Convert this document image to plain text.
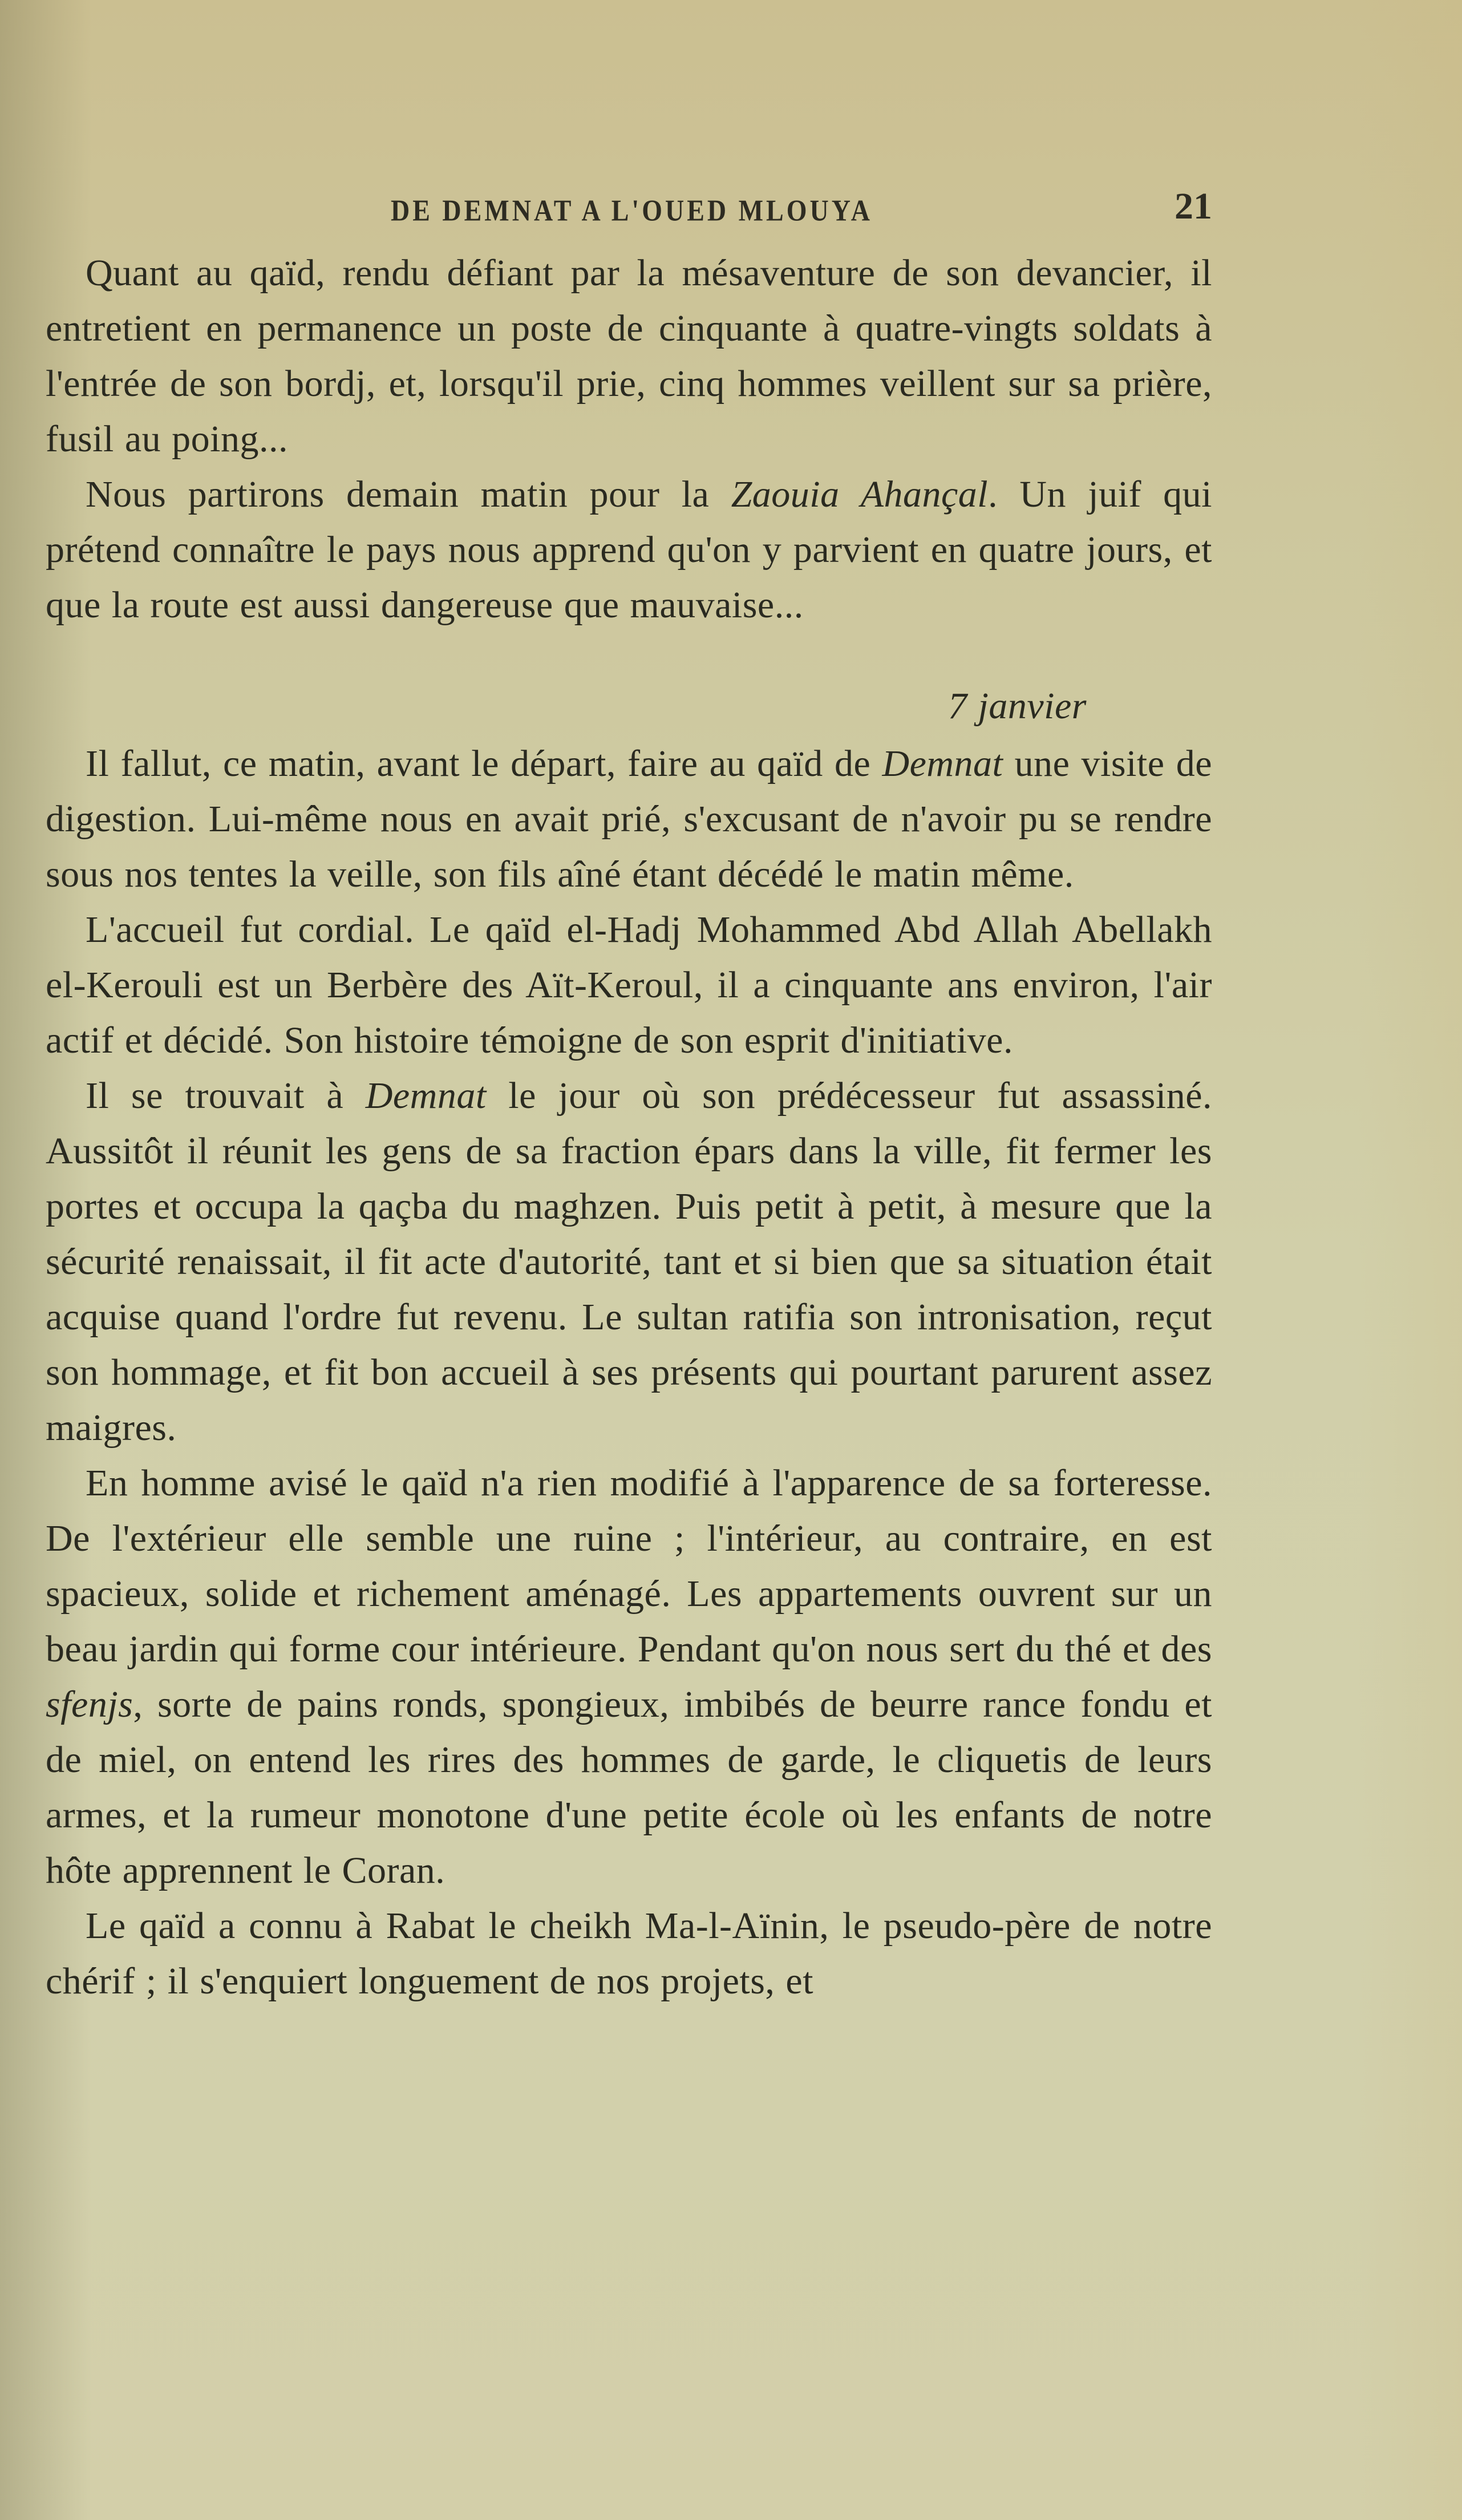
DE DEMNAT A L'OUED MLOUYA	21

Quant au qaïd, rendu défiant par la mésaventure de son devancier, il entretient en permanence un poste de cinquante à quatre-vingts soldats à l'entrée de son bordj, et, lorsqu'il prie, cinq hommes veillent sur sa prière, fusil au poing...

Nous partirons demain matin pour la Zaouia Ahançal. Un juif qui prétend connaître le pays nous apprend qu'on y parvient en quatre jours, et que la route est aussi dangereuse que mauvaise...

7 janvier

Il fallut, ce matin, avant le départ, faire au qaïd de Demnat une visite de digestion. Lui-même nous en avait prié, s'excusant de n'avoir pu se rendre sous nos tentes la veille, son fils aîné étant décédé le matin même.

L'accueil fut cordial. Le qaïd el-Hadj Mohammed Abd Allah Abellakh el-Kerouli est un Berbère des Aït-Keroul, il a cinquante ans environ, l'air actif et décidé. Son histoire témoigne de son esprit d'initiative.

Il se trouvait à Demnat le jour où son prédécesseur fut assassiné. Aussitôt il réunit les gens de sa fraction épars dans la ville, fit fermer les portes et occupa la qaçba du maghzen. Puis petit à petit, à mesure que la sécurité renaissait, il fit acte d'autorité, tant et si bien que sa situation était acquise quand l'ordre fut revenu. Le sultan ratifia son intronisation, reçut son hommage, et fit bon accueil à ses présents qui pourtant parurent assez maigres.

En homme avisé le qaïd n'a rien modifié à l'apparence de sa forteresse. De l'extérieur elle semble une ruine ; l'intérieur, au contraire, en est spacieux, solide et richement aménagé. Les appartements ouvrent sur un beau jardin qui forme cour intérieure. Pendant qu'on nous sert du thé et des sfenjs, sorte de pains ronds, spongieux, imbibés de beurre rance fondu et de miel, on entend les rires des hommes de garde, le cliquetis de leurs armes, et la rumeur monotone d'une petite école où les enfants de notre hôte apprennent le Coran.

Le qaïd a connu à Rabat le cheikh Ma-l-Aïnin, le pseudo-père de notre chérif ; il s'enquiert longuement de nos projets, et
